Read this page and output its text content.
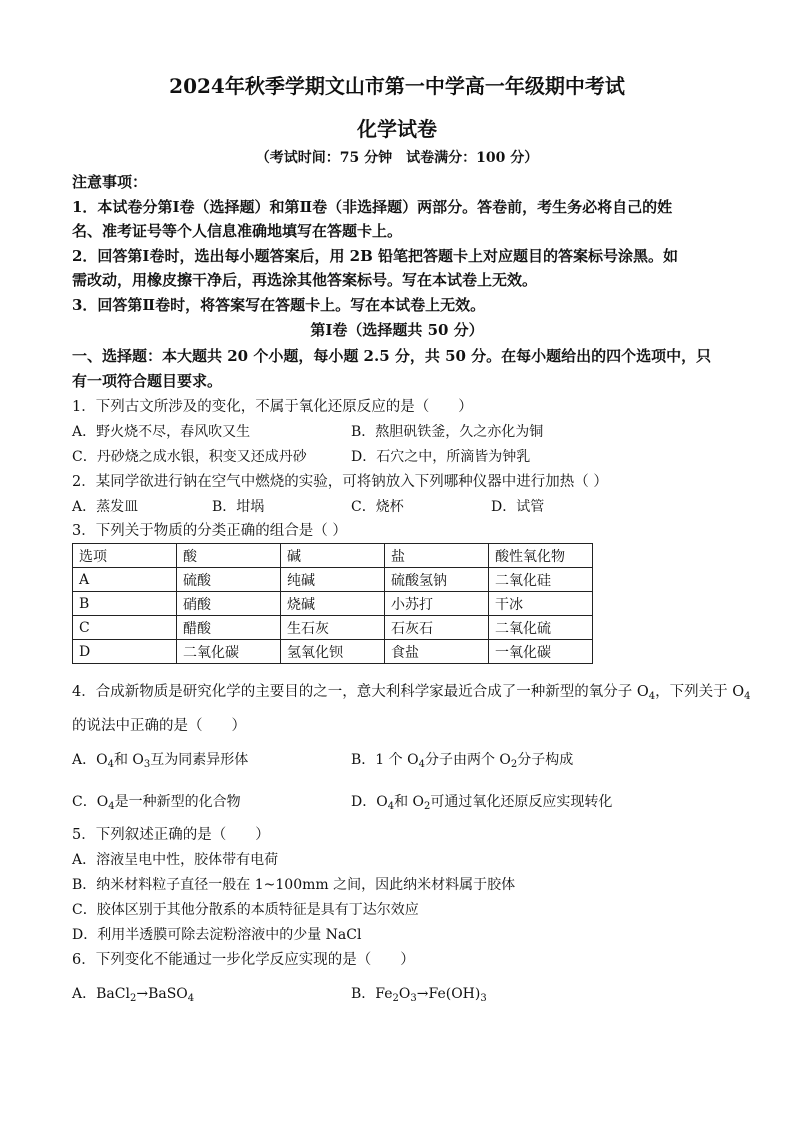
2024年秋季学期文山市第一中学高一年级期中考试
化学试卷
（考试时间：75 分钟　试卷满分：100 分）
注意事项：
1．本试卷分第Ⅰ卷（选择题）和第Ⅱ卷（非选择题）两部分。答卷前，考生务必将自己的姓
名、准考证号等个人信息准确地填写在答题卡上。
2．回答第Ⅰ卷时，选出每小题答案后，用 2B 铅笔把答题卡上对应题目的答案标号涂黑。如
需改动，用橡皮擦干净后，再选涂其他答案标号。写在本试卷上无效。
3．回答第Ⅱ卷时，将答案写在答题卡上。写在本试卷上无效。
第Ⅰ卷（选择题共 50 分）
一、选择题：本大题共 20 个小题，每小题 2.5 分，共 50 分。在每小题给出的四个选项中，只
有一项符合题目要求。
1．下列古文所涉及的变化，不属于氧化还原反应的是（　　）
A．野火烧不尽，春风吹又生	B．熬胆矾铁釜，久之亦化为铜
C．丹砂烧之成水银，积变又还成丹砂	D．石穴之中，所滴皆为钟乳
2．某同学欲进行钠在空气中燃烧的实验，可将钠放入下列哪种仪器中进行加热（ ）
A．蒸发皿	B．坩埚	C．烧杯	D．试管
3．下列关于物质的分类正确的组合是（ ）
选项	酸	碱	盐	酸性氧化物
A	硫酸	纯碱	硫酸氢钠	二氧化硅
B	硝酸	烧碱	小苏打	干冰
C	醋酸	生石灰	石灰石	二氧化硫
D	二氧化碳	氢氧化钡	食盐	一氧化碳
4．合成新物质是研究化学的主要目的之一，意大利科学家最近合成了一种新型的氧分子 $O_4$，下列关于 $O_4$
的说法中正确的是（　　）
A．$O_4$和 $O_3$互为同素异形体	B．1 个 $O_4$分子由两个 $O_2$分子构成
C．$O_4$是一种新型的化合物	D．$O_4$和 $O_2$可通过氧化还原反应实现转化
5．下列叙述正确的是（　　）
A．溶液呈电中性，胶体带有电荷
B．纳米材料粒子直径一般在 1~100mm 之间，因此纳米材料属于胶体
C．胶体区别于其他分散系的本质特征是具有丁达尔效应
D．利用半透膜可除去淀粉溶液中的少量 NaCl
6．下列变化不能通过一步化学反应实现的是（　　）
A．BaCl$_2$→BaSO$_4$	B．$Fe_2O_3\to Fe(OH)_3$
